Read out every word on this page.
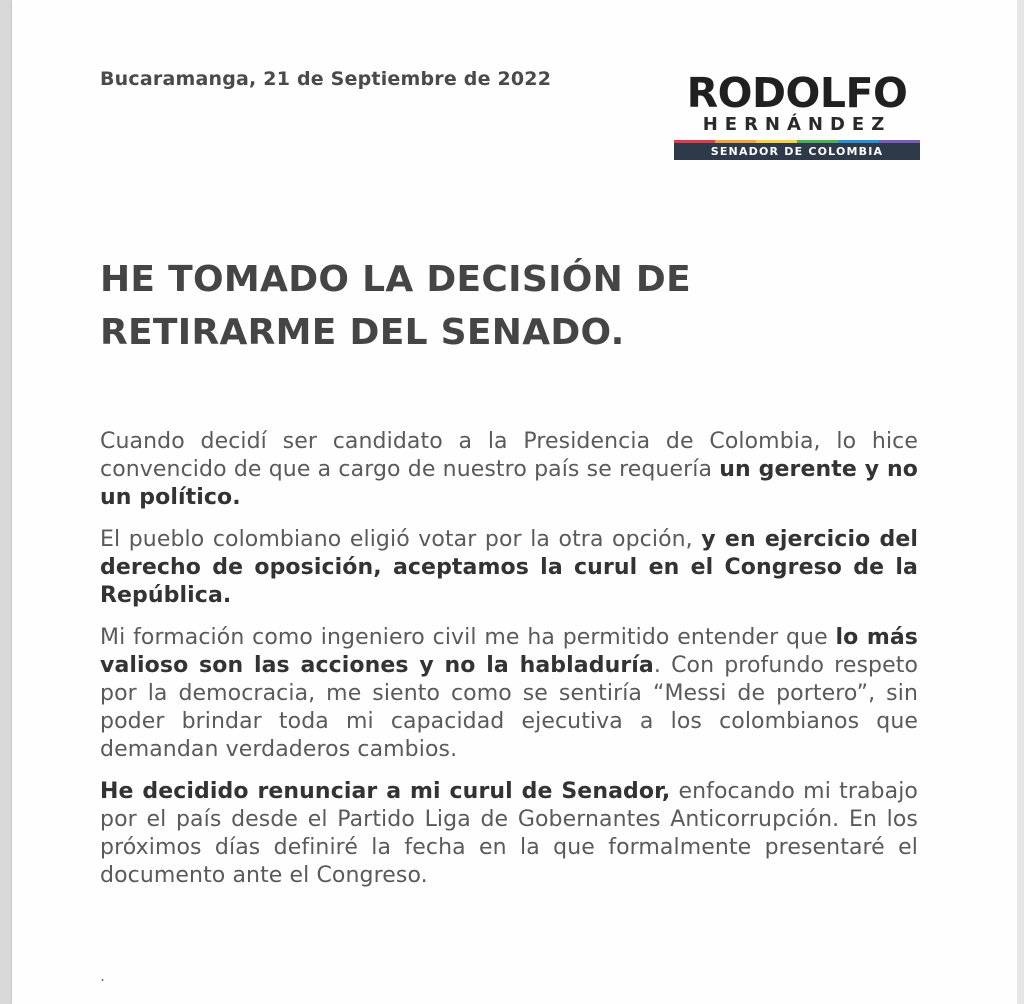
Bucaramanga, 21 de Septiembre de 2022	RODOLFO
HERNÁNDEZ
SENADOR DE COLOMBIA
HE TOMADO LA DECISIÓN DE
RETIRARME DEL SENADO.

Cuando decidí ser candidato a la Presidencia de Colombia, lo hice convencido de que a cargo de nuestro país se requería un gerente y no un político.

El pueblo colombiano eligió votar por la otra opción, y en ejercicio del derecho de oposición, aceptamos la curul en el Congreso de la República.

Mi formación como ingeniero civil me ha permitido entender que lo más valioso son las acciones y no la habladuría. Con profundo respeto por la democracia, me siento como se sentiría “Messi de portero”, sin poder brindar toda mi capacidad ejecutiva a los colombianos que demandan verdaderos cambios.

He decidido renunciar a mi curul de Senador, enfocando mi trabajo por el país desde el Partido Liga de Gobernantes Anticorrupción. En los próximos días definiré la fecha en la que formalmente presentaré el documento ante el Congreso.

.
